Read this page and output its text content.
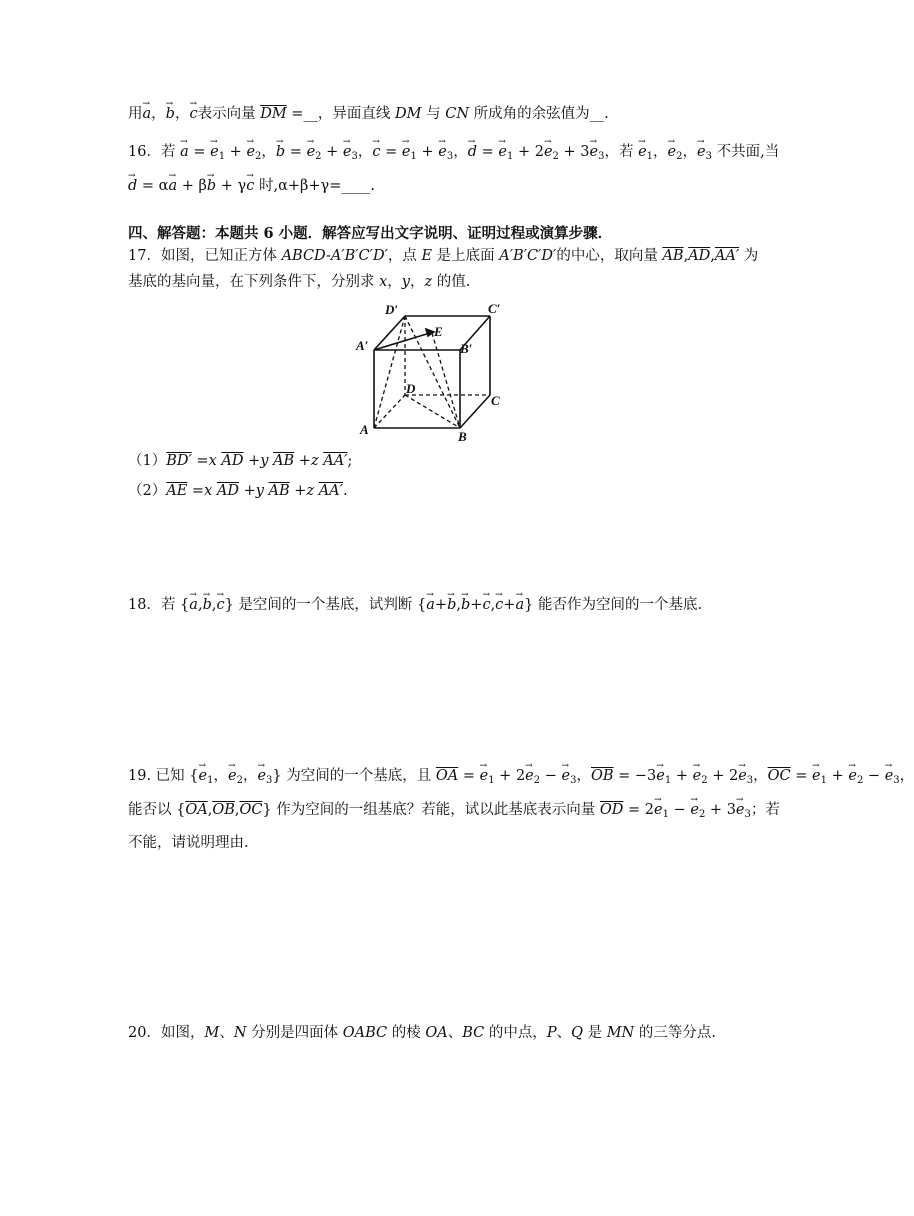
用→ a，→ b，→ c表示向量 $\overline{DM}$ =__，异面直线 DM 与 CN 所成角的余弦值为__.
16．若 → a = → $e_1$ + → $e_2$，→ b = → $e_2$ + → $e_3$，→ c = → $e_1$ + → $e_3$，→ d = → $e_1 + 2\to e_2 + 3\to e_3$，若 → $e_1$，→ $e_2$，→ $e_3$ 不共面,当
→ d = α→ a + β→ b + γ→ c 时,α+β+γ=____.
四、解答题：本题共 6 小题．解答应写出文字说明、证明过程或演算步骤．
17．如图，已知正方体 ABCD-A′B′C′D′，点 E 是上底面 A′B′C′D′的中心，取向量 $\overline{AB},\overline{AD},AA'$ 为
基底的基向量，在下列条件下，分别求 x，y，z 的值.
D′	C′
A′	B′
E
D
C
A	B
（1）BD′ =x $\overline{AD} +y$ $\overline{AB} +z$ AA′;
$(2)\overline{AE} =x$ $\overline{AD} +y$ $\overline{AB} +z$ AA′.
18．若 {→ a,→ b,→ c} 是空间的一个基底，试判断 {→ a+→ b,→ b+→ c,→ c+→ a} 能否作为空间的一个基底.
19. 已知 {→ $e_1$，→ $e_2$，→ $e_3$} 为空间的一个基底，且 $\overline{OA}$ = → $e_1 + 2\to e_2$ − → $e_3$，$\overline{OB} = -3\to e_1$ + → $e_2 + 2\to e_3$，$\overline{OC}$ = → $e_1$ + → $e_2$ − → $e_3$，
能否以 $\{\overline{OA},\overline{OB},\overline{OC}\}$ 作为空间的一组基底？若能，试以此基底表示向量 $\overline{OD} = 2\to e_1$ − → $e_2 + 3\to e_3$；若
不能，请说明理由.
20．如图，M、N 分别是四面体 OABC 的棱 OA、BC 的中点，P、Q 是 MN 的三等分点.
